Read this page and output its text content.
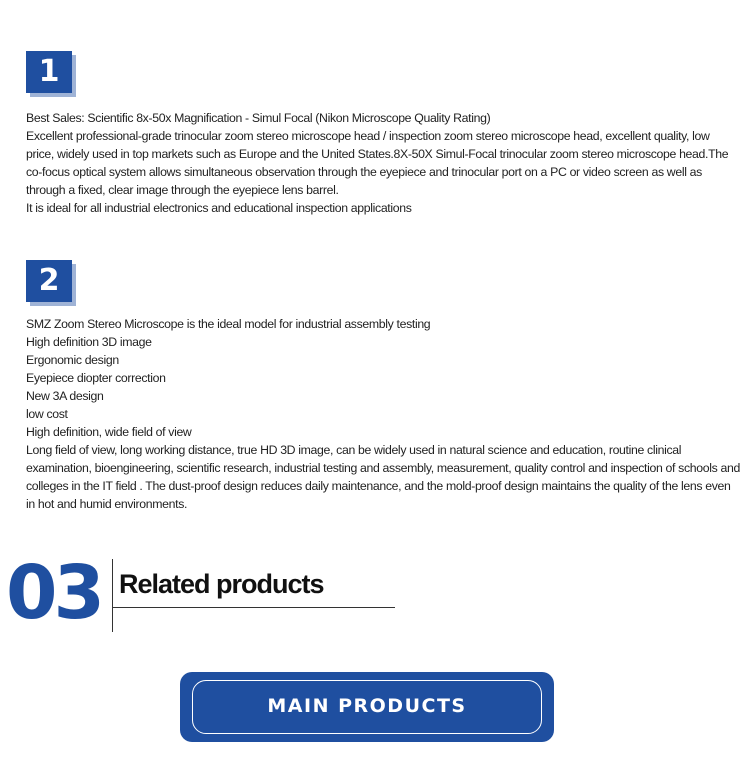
1

Best Sales: Scientific 8x-50x Magnification - Simul Focal (Nikon Microscope Quality Rating)

Excellent professional-grade trinocular zoom stereo microscope head / inspection zoom stereo microscope head, excellent quality, low price, widely used in top markets such as Europe and the United States.8X-50X Simul-Focal trinocular zoom stereo microscope head.The co-focus optical system allows simultaneous observation through the eyepiece and trinocular port on a PC or video screen as well as through a fixed, clear image through the eyepiece lens barrel.

It is ideal for all industrial electronics and educational inspection applications

2

SMZ Zoom Stereo Microscope is the ideal model for industrial assembly testing

High definition 3D image

Ergonomic design

Eyepiece diopter correction

New 3A design

low cost

High definition, wide field of view

Long field of view, long working distance, true HD 3D image, can be widely used in natural science and education, routine clinical examination, bioengineering, scientific research, industrial testing and assembly, measurement, quality control and inspection of schools and colleges in the IT field . The dust-proof design reduces daily maintenance, and the mold-proof design maintains the quality of the lens even in hot and humid environments.

03 Related products
MAIN PRODUCTS
